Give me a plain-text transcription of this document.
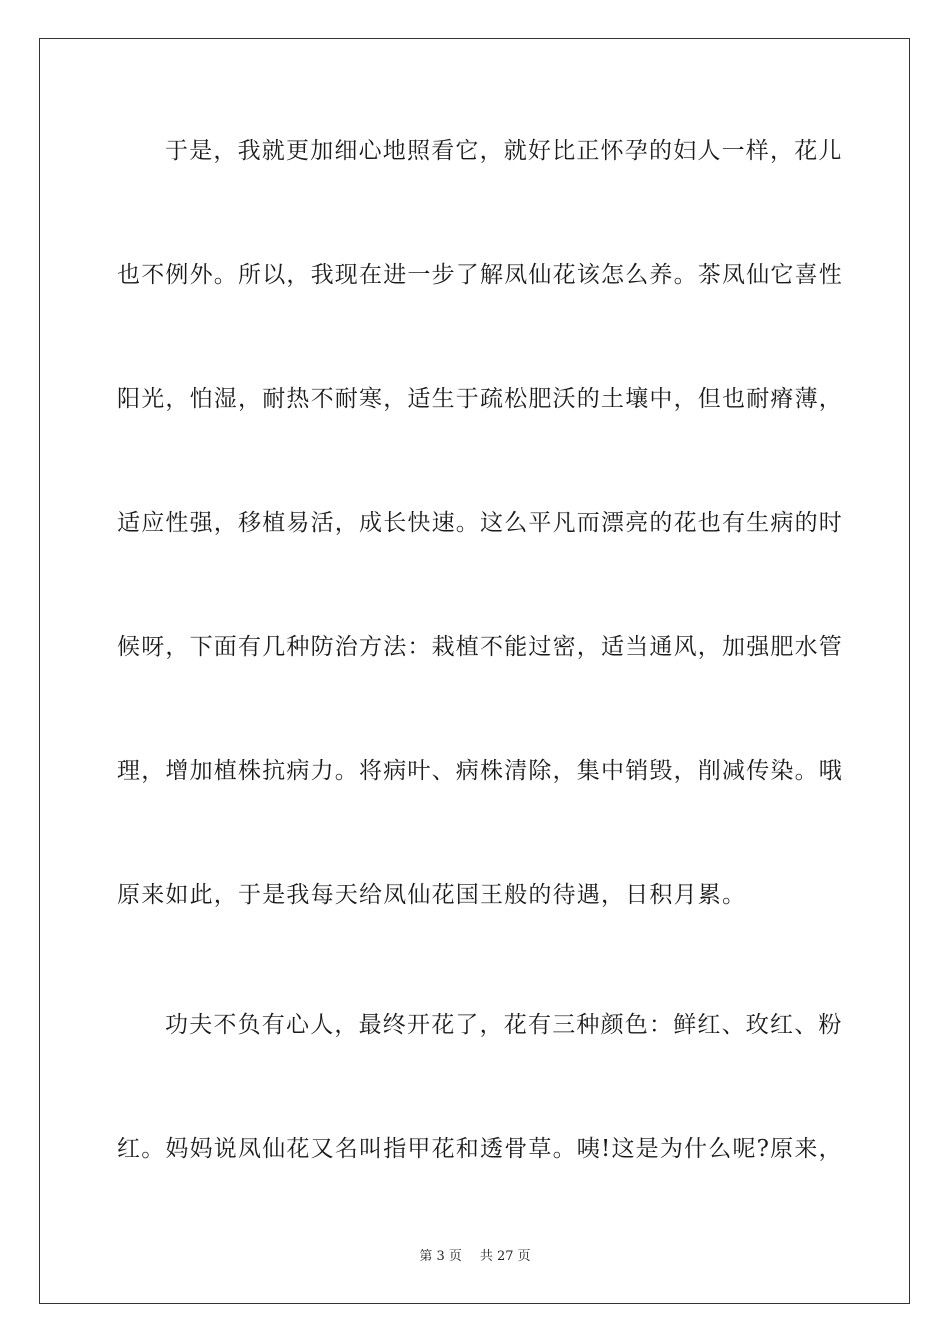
于是，我就更加细心地照看它，就好比正怀孕的妇人一样，花儿
也不例外。所以，我现在进一步了解凤仙花该怎么养。茶凤仙它喜性
阳光，怕湿，耐热不耐寒，适生于疏松肥沃的土壤中，但也耐瘠薄，
适应性强，移植易活，成长快速。这么平凡而漂亮的花也有生病的时
候呀，下面有几种防治方法：栽植不能过密，适当通风，加强肥水管
理，增加植株抗病力。将病叶、病株清除，集中销毁，削减传染。哦
原来如此，于是我每天给凤仙花国王般的待遇，日积月累。
功夫不负有心人，最终开花了，花有三种颜色：鲜红、玫红、粉
红。妈妈说凤仙花又名叫指甲花和透骨草。咦!这是为什么呢?原来，
第 3 页 共 27 页
